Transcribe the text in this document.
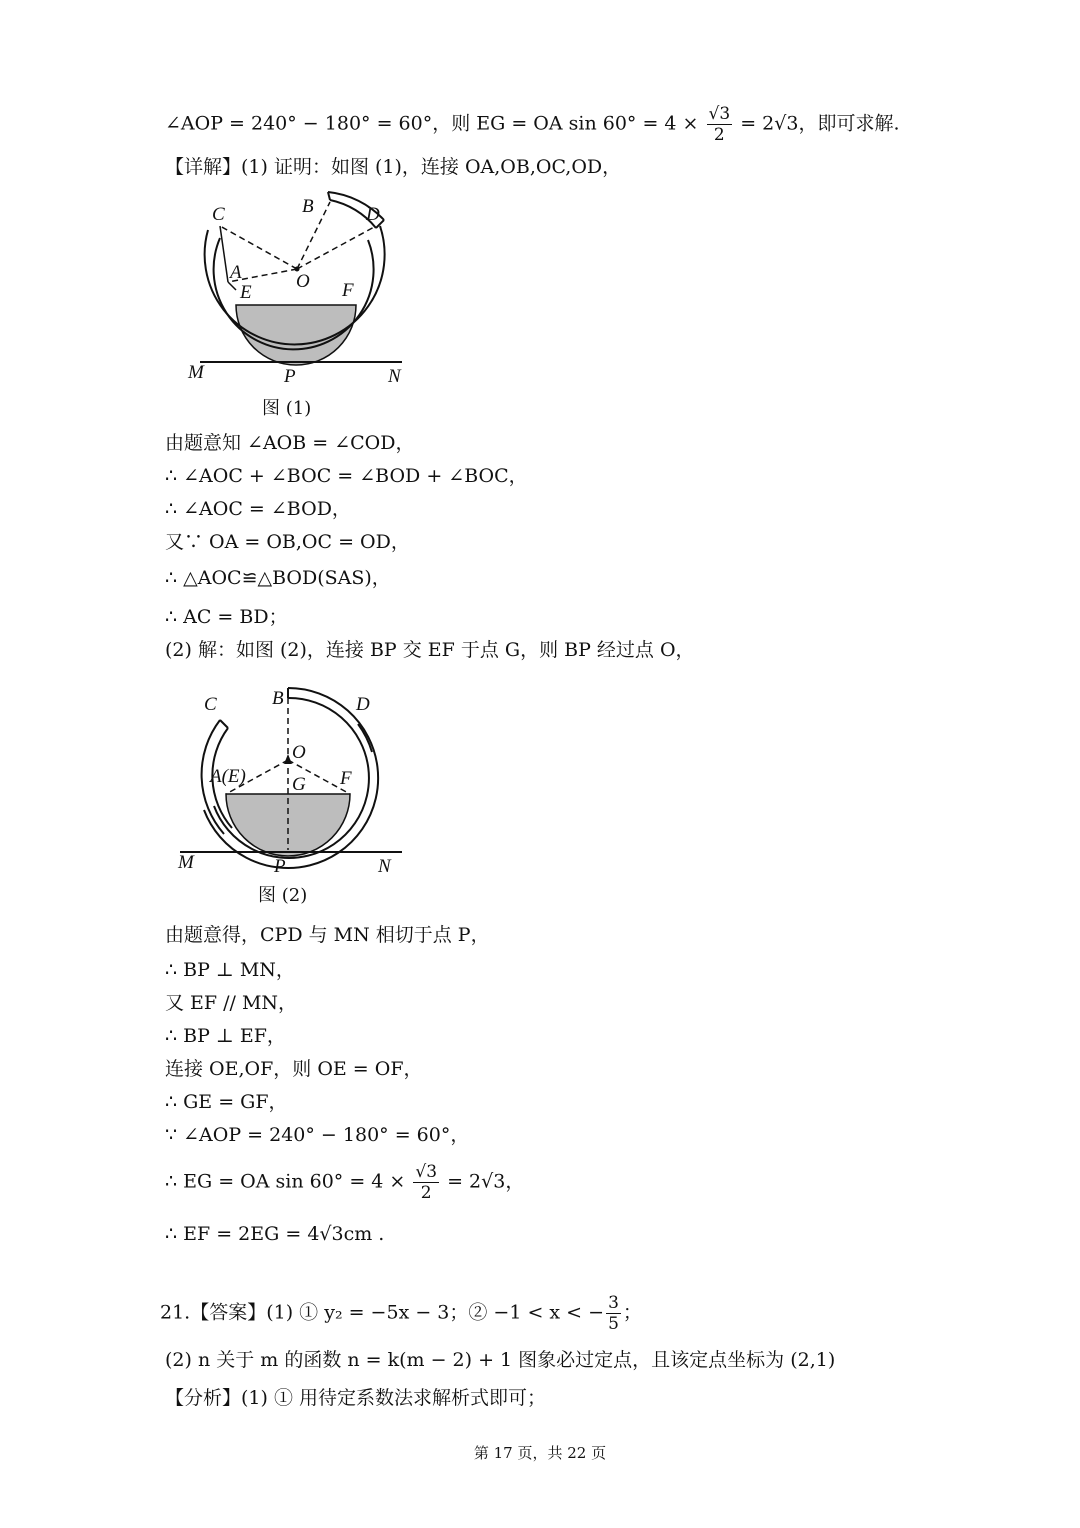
∠AOP = 240° − 180° = 60°，则 EG = OA $\sin 60^\circ = 4 \times \frac{√3}{2} = 2√3$，即可求解.
【详解】(1) 证明：如图 (1)，连接 OA,OB,OC,OD，
C	B	D
A	O
E	F
M	P	N
图 (1)
由题意知 ∠AOB = ∠COD，
∴ ∠AOC + ∠BOC = ∠BOD + ∠BOC，
∴ ∠AOC = ∠BOD，
又∵ OA = OB,OC = OD，
∴ △AOC≌△BOD(SAS)，
∴ AC = BD；
(2) 解：如图 (2)，连接 BP 交 EF 于点 G，则 BP 经过点 O，
C	B	D
O
A(E) G F
M	P	N
图 (2)
由题意得，CPD 与 MN 相切于点 P，
∴ BP ⊥ MN，
又 EF // MN，
∴ BP ⊥ EF，
连接 OE,OF，则 OE = OF，
∴ GE = GF，
∵ ∠AOP = 240° − 180° = 60°，
∴ EG = OA $\sin 60^\circ = 4 \times \frac{√3}{2} = 2√3$，
∴ EF = 2EG = 4√3cm .
21.【答案】(1) ① y₂ = −5x − 3；② −1 < x < − $\frac{3}{5}$ ；
(2) n 关于 m 的函数 n = k(m − 2) + 1 图象必过定点，且该定点坐标为 (2,1)
【分析】(1) ① 用待定系数法求解析式即可；
第 17 页，共 22 页
